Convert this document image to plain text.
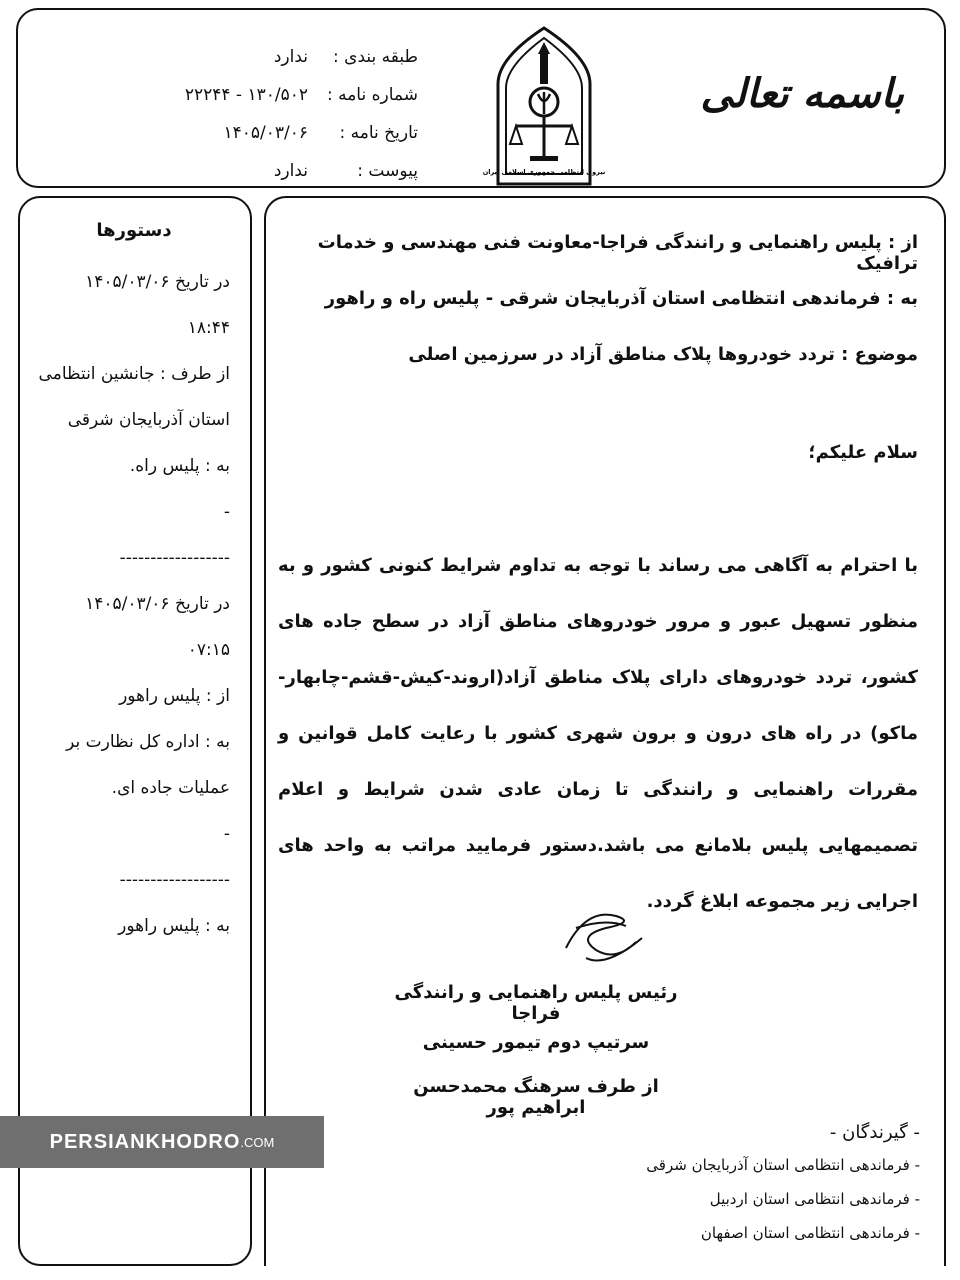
باسمه تعالی
نیروی انتظامی جمهوری اسلامی ایران
طبقه بندی :
ندارد
شماره نامه :
۱۳۰/۵۰۲ - ۲۲۲۴۴
تاریخ نامه :
۱۴۰۵/۰۳/۰۶
پیوست :
ندارد
دستورها
در تاریخ ۱۴۰۵/۰۳/۰۶
۱۸:۴۴
از طرف : جانشین انتظامی
استان آذربایجان شرقی
به : پلیس راه.
-
------------------
در تاریخ ۱۴۰۵/۰۳/۰۶
۰۷:۱۵
از : پلیس راهور
به : اداره کل نظارت بر
عملیات جاده ای.
-
------------------
به : پلیس راهور
از : پلیس راهنمایی و رانندگی فراجا-معاونت فنی مهندسی و خدمات ترافیک
به : فرماندهی انتظامی استان آذربایجان شرقی - پلیس راه و راهور
موضوع : تردد خودروها پلاک مناطق آزاد در سرزمین اصلی
سلام علیکم؛
با احترام به آگاهی می رساند با توجه به تداوم شرایط کنونی کشور و به منظور تسهیل عبور و مرور خودروهای مناطق آزاد در سطح جاده های کشور، تردد خودروهای دارای پلاک مناطق آزاد(اروند-کیش-قشم-چابهار-ماکو) در راه های درون و برون شهری کشور با رعایت کامل قوانین و مقررات راهنمایی و رانندگی تا زمان عادی شدن شرایط و اعلام تصمیمهایی پلیس بلامانع می باشد.دستور فرمایید مراتب به واحد های اجرایی زیر مجموعه ابلاغ گردد.
رئیس پلیس راهنمایی و رانندگی فراجا
سرتیپ دوم تیمور حسینی
از طرف سرهنگ محمدحسن ابراهیم پور
- گیرندگان -
- فرماندهی انتظامی استان آذربایجان شرقی
- فرماندهی انتظامی استان اردبیل
- فرماندهی انتظامی استان اصفهان
PERSIANKHODRO .COM
